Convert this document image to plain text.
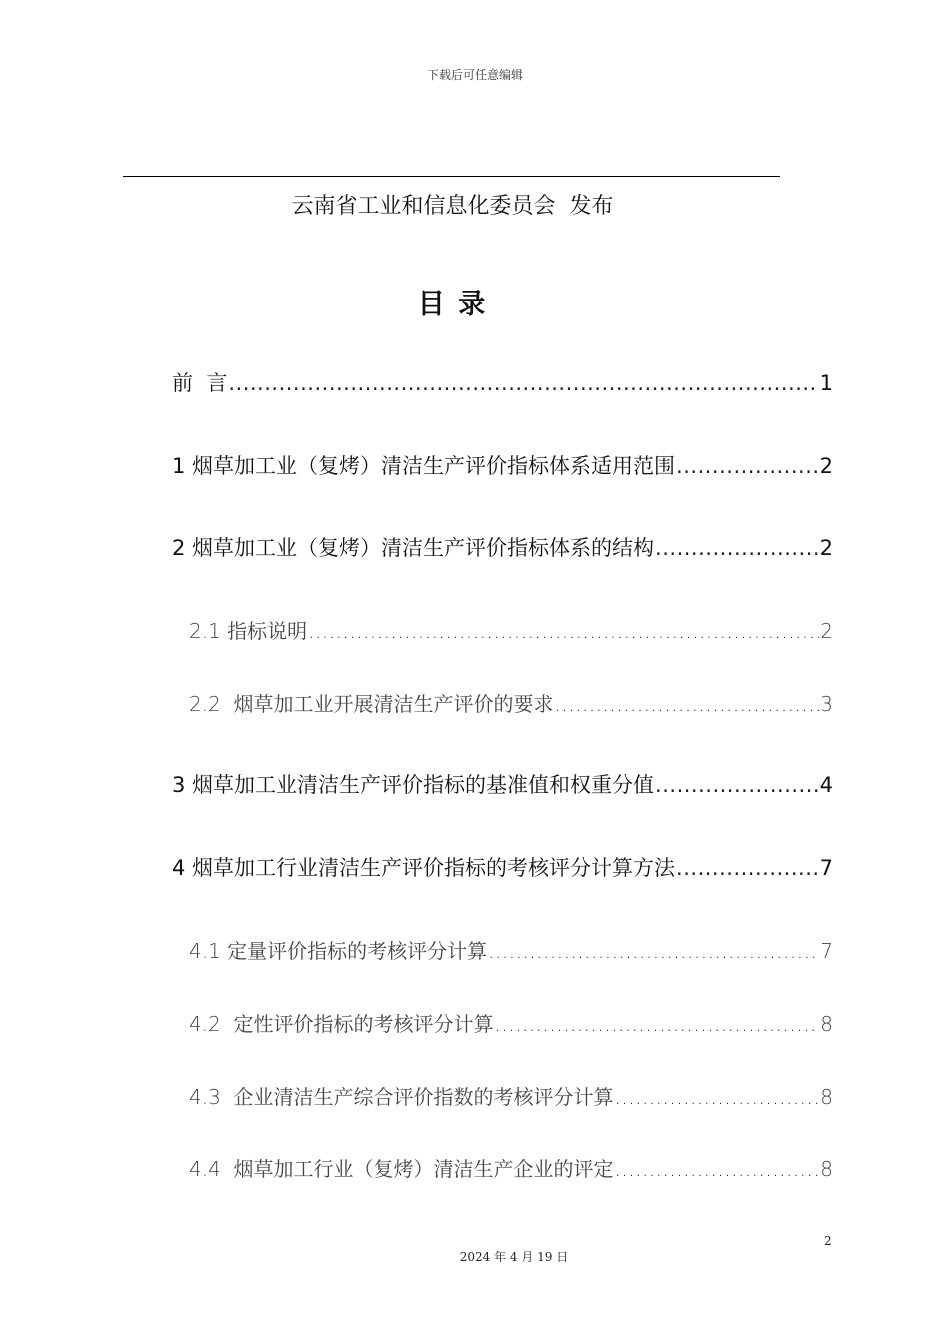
下载后可任意编辑
云南省工业和信息化委员会  发布
目 录
前  言 .....	1
1 烟草加工业（复烤）清洁生产评价指标体系适用范围 .....	2
2 烟草加工业（复烤）清洁生产评价指标体系的结构 .....	2
2.1 指标说明 .....	2
2.2  烟草加工业开展清洁生产评价的要求 .....	3
3 烟草加工业清洁生产评价指标的基准值和权重分值 .....	4
4 烟草加工行业清洁生产评价指标的考核评分计算方法 .....	7
4.1 定量评价指标的考核评分计算 .....	7
4.2  定性评价指标的考核评分计算 .....	8
4.3  企业清洁生产综合评价指数的考核评分计算 .....	8
4.4  烟草加工行业（复烤）清洁生产企业的评定 .....	8
2
2024 年 4 月 19 日
